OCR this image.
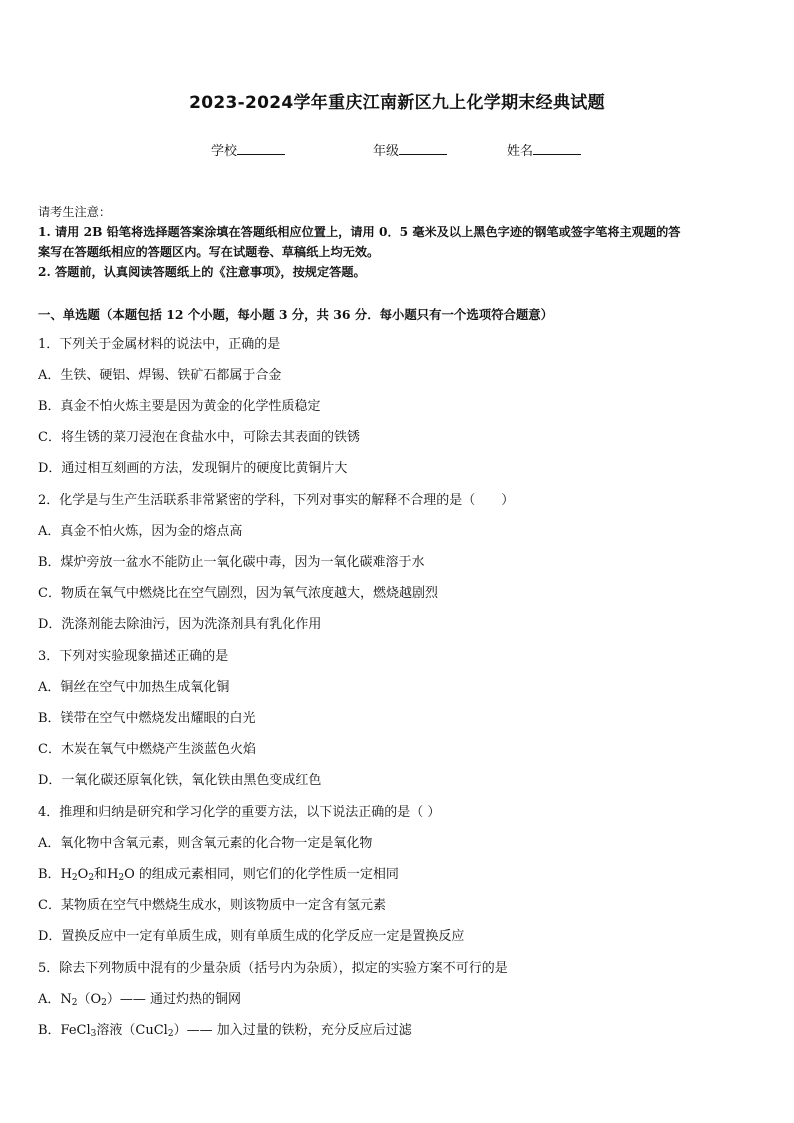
2023-2024学年重庆江南新区九上化学期末经典试题
学校	年级	姓名
请考生注意：
1. 请用 2B 铅笔将选择题答案涂填在答题纸相应位置上，请用 0．5 毫米及以上黑色字迹的钢笔或签字笔将主观题的答
案写在答题纸相应的答题区内。写在试题卷、草稿纸上均无效。
2. 答题前，认真阅读答题纸上的《注意事项》，按规定答题。
一、单选题（本题包括 12 个小题，每小题 3 分，共 36 分．每小题只有一个选项符合题意）
1．下列关于金属材料的说法中，正确的是
A．生铁、硬铝、焊锡、铁矿石都属于合金
B．真金不怕火炼主要是因为黄金的化学性质稳定
C．将生锈的菜刀浸泡在食盐水中，可除去其表面的铁锈
D．通过相互刻画的方法，发现铜片的硬度比黄铜片大
2．化学是与生产生活联系非常紧密的学科，下列对事实的解释不合理的是（　　）
A．真金不怕火炼，因为金的熔点高
B．煤炉旁放一盆水不能防止一氧化碳中毒，因为一氧化碳难溶于水
C．物质在氧气中燃烧比在空气剧烈，因为氧气浓度越大，燃烧越剧烈
D．洗涤剂能去除油污，因为洗涤剂具有乳化作用
3．下列对实验现象描述正确的是
A．铜丝在空气中加热生成氧化铜
B．镁带在空气中燃烧发出耀眼的白光
C．木炭在氧气中燃烧产生淡蓝色火焰
D．一氧化碳还原氧化铁，氧化铁由黑色变成红色
4．推理和归纳是研究和学习化学的重要方法，以下说法正确的是（ ）
A．氧化物中含氧元素，则含氧元素的化合物一定是氧化物
B．$H_2O_2$和$H_2O$ 的组成元素相同，则它们的化学性质一定相同
C．某物质在空气中燃烧生成水，则该物质中一定含有氢元素
D．置换反应中一定有单质生成，则有单质生成的化学反应一定是置换反应
5．除去下列物质中混有的少量杂质（括号内为杂质），拟定的实验方案不可行的是
A．$N_2(O_2)——$ 通过灼热的铜网
B．FeCl$_3$溶液（CuCl$_2$）—— 加入过量的铁粉，充分反应后过滤
